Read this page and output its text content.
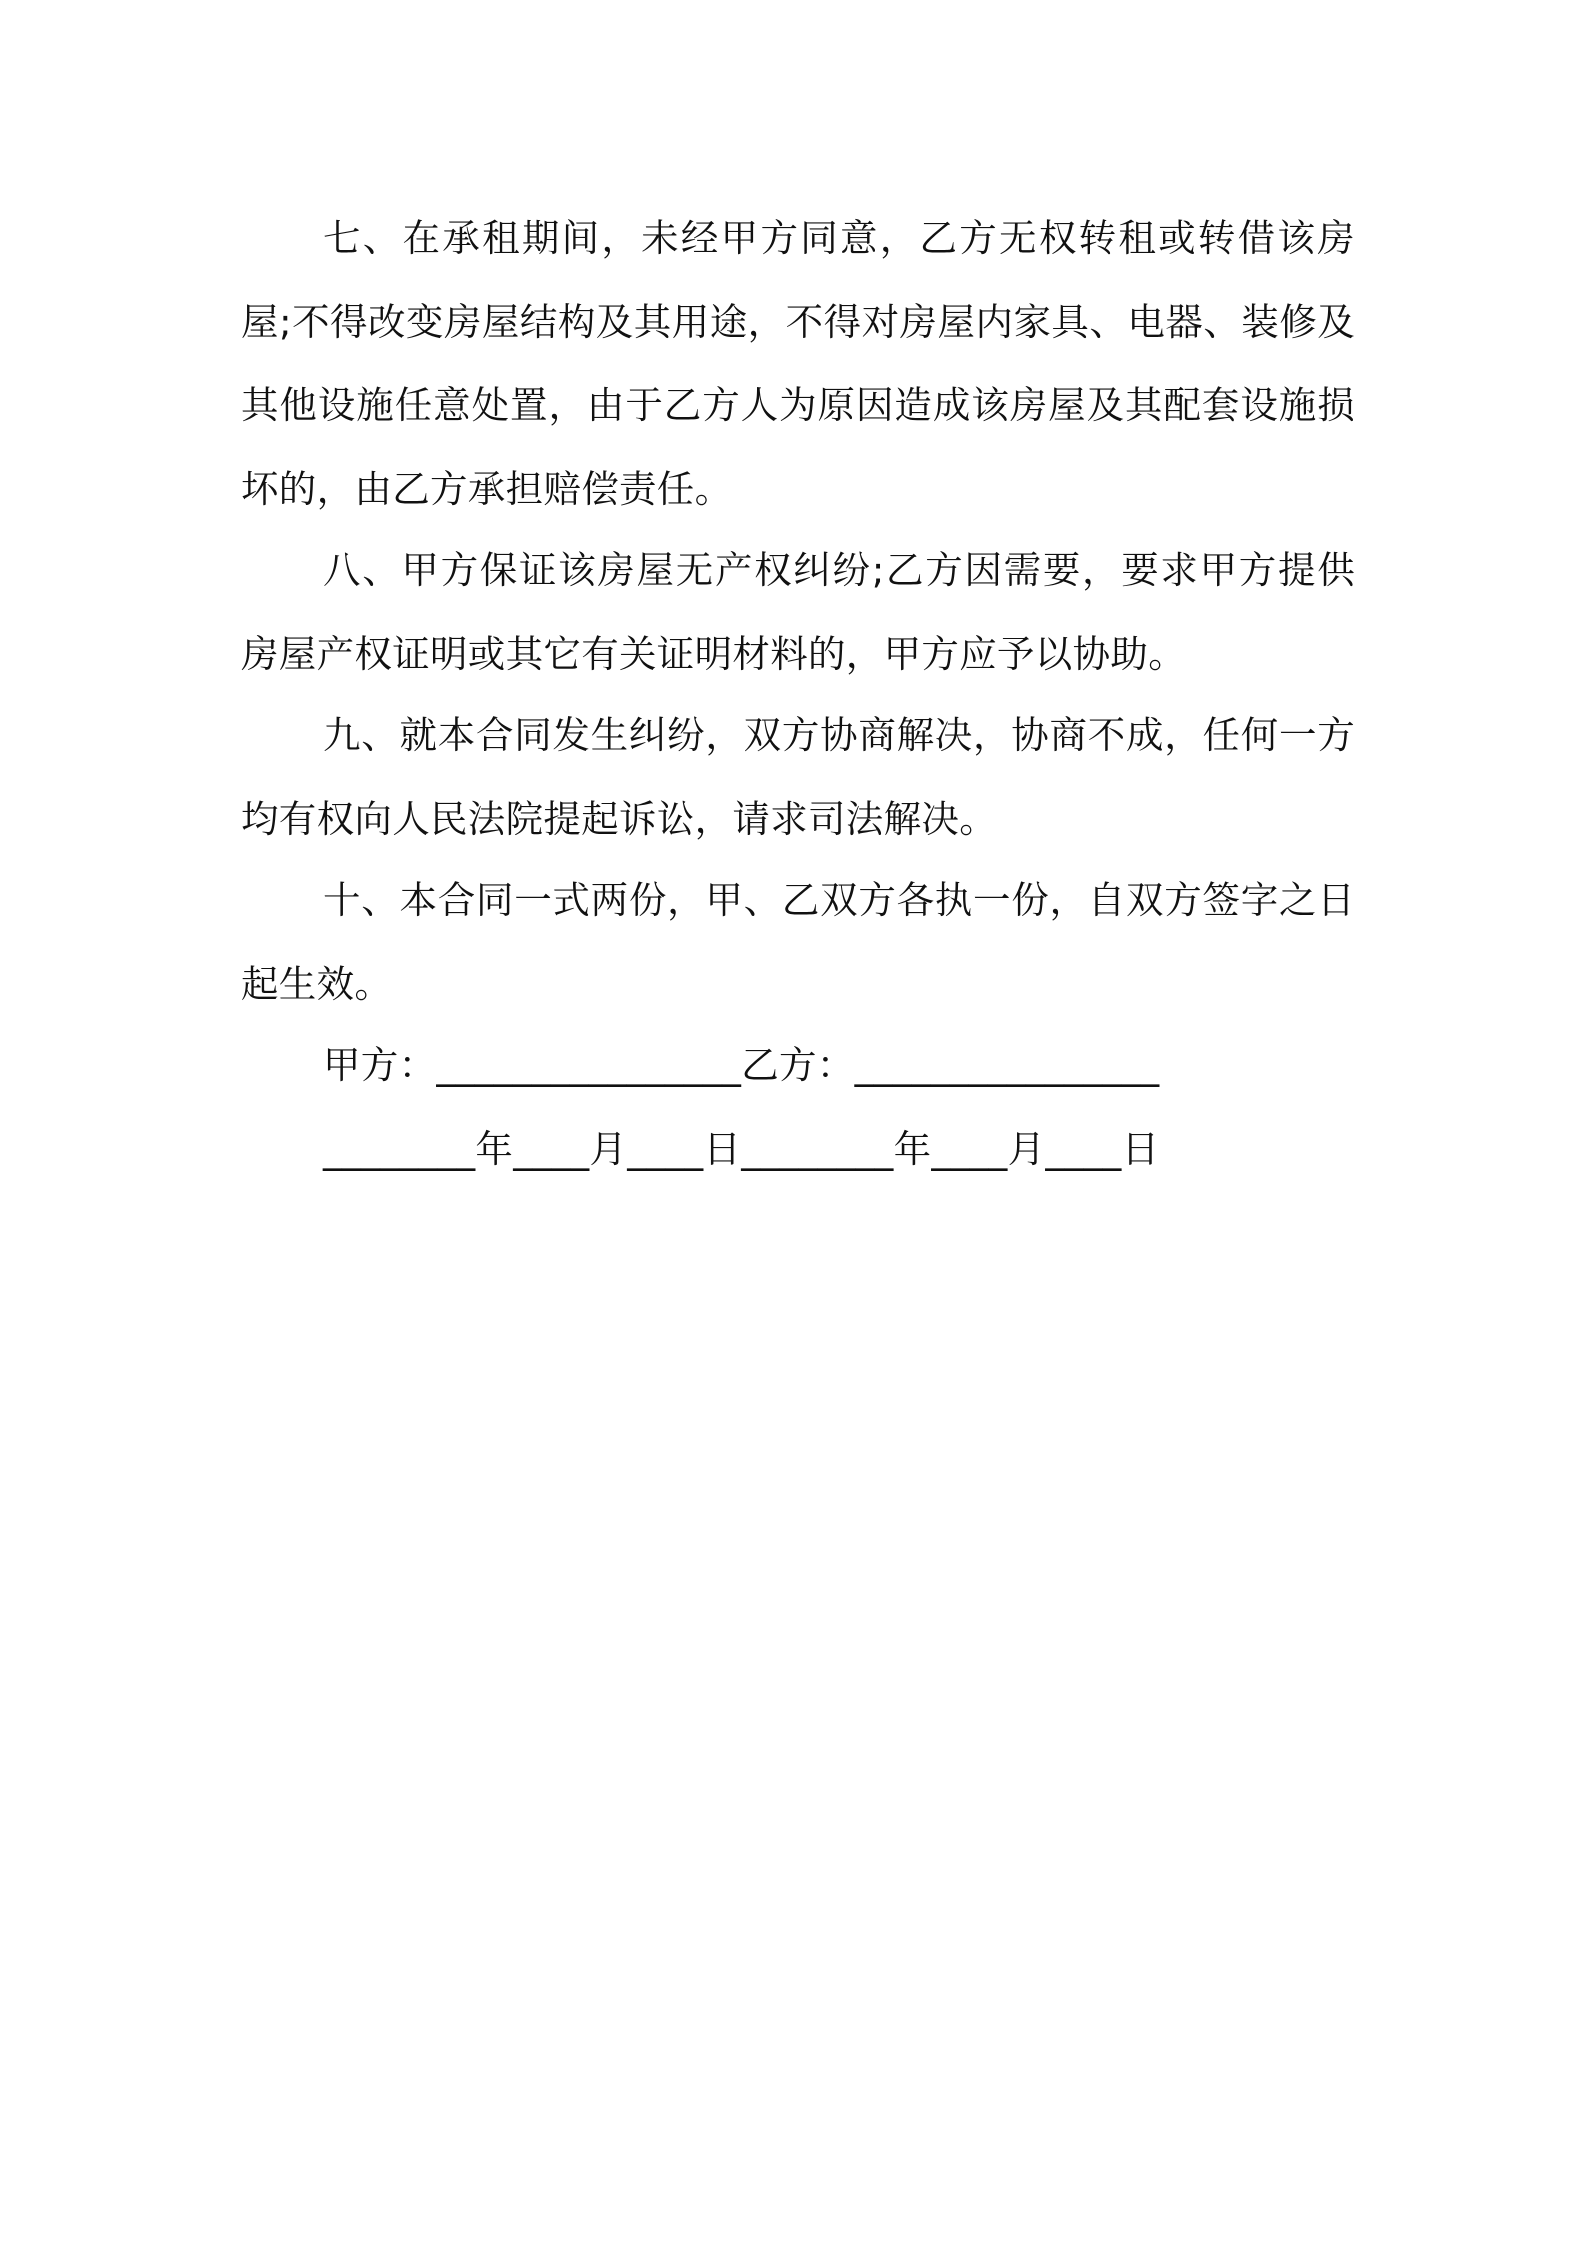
七、在承租期间，未经甲方同意，乙方无权转租或转借该房屋;不得改变房屋结构及其用途，不得对房屋内家具、电器、装修及其他设施任意处置，由于乙方人为原因造成该房屋及其配套设施损坏的，由乙方承担赔偿责任。

八、甲方保证该房屋无产权纠纷;乙方因需要，要求甲方提供房屋产权证明或其它有关证明材料的，甲方应予以协助。

九、就本合同发生纠纷，双方协商解决，协商不成，任何一方均有权向人民法院提起诉讼，请求司法解决。

十、本合同一式两份，甲、乙双方各执一份，自双方签字之日起生效。

甲方：________________乙方：________________
________年____月____日________年____月____日
